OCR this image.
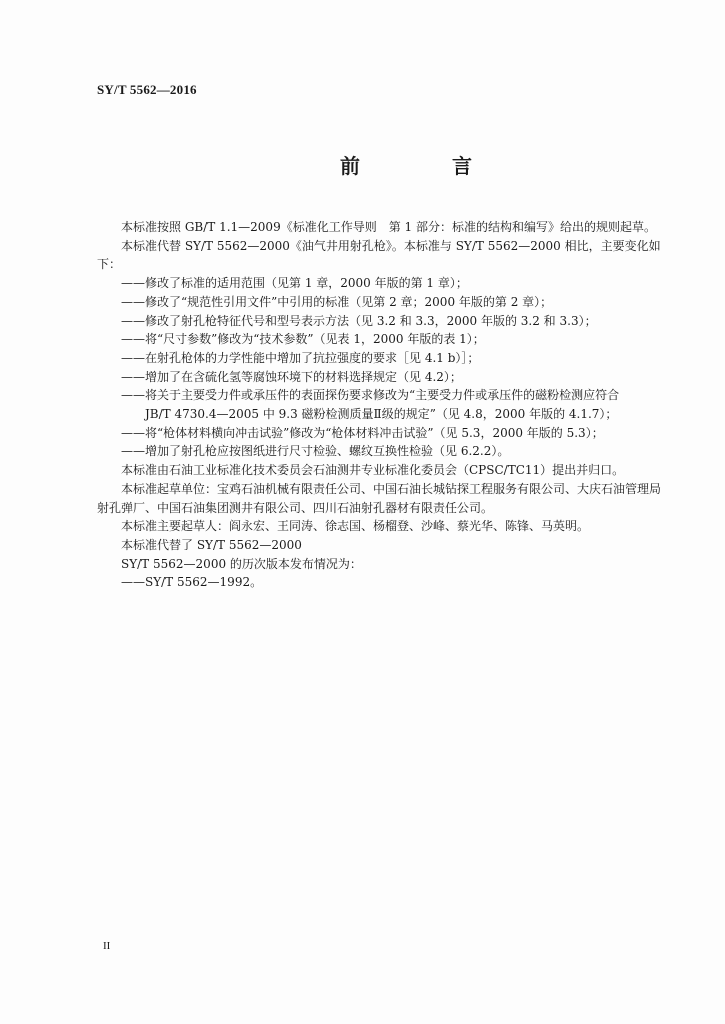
SY/T 5562—2016
前　言

本标准按照 GB/T 1.1—2009《标准化工作导则　第 1 部分：标准的结构和编写》给出的规则起草。

本标准代替 SY/T 5562—2000《油气井用射孔枪》。本标准与 SY/T 5562—2000 相比，主要变化如下：

——修改了标准的适用范围（见第 1 章，2000 年版的第 1 章）；

——修改了“规范性引用文件”中引用的标准（见第 2 章；2000 年版的第 2 章）；

——修改了射孔枪特征代号和型号表示方法（见 3.2 和 3.3，2000 年版的 3.2 和 3.3）；

——将“尺寸参数”修改为“技术参数”（见表 1，2000 年版的表 1）；

——在射孔枪体的力学性能中增加了抗拉强度的要求［见 4.1 b）］；

——增加了在含硫化氢等腐蚀环境下的材料选择规定（见 4.2）；

——将关于主要受力件或承压件的表面探伤要求修改为“主要受力件或承压件的磁粉检测应符合
JB/T 4730.4—2005 中 9.3 磁粉检测质量Ⅱ级的规定”（见 4.8，2000 年版的 4.1.7）；

——将“枪体材料横向冲击试验”修改为“枪体材料冲击试验”（见 5.3，2000 年版的 5.3）；

——增加了射孔枪应按图纸进行尺寸检验、螺纹互换性检验（见 6.2.2）。

本标准由石油工业标准化技术委员会石油测井专业标准化委员会（CPSC/TC11）提出并归口。

本标准起草单位：宝鸡石油机械有限责任公司、中国石油长城钻探工程服务有限公司、大庆石油管理局射孔弹厂、中国石油集团测井有限公司、四川石油射孔器材有限责任公司。

本标准主要起草人：阎永宏、王同涛、徐志国、杨榴登、沙峰、蔡光华、陈锋、马英明。

本标准代替了 SY/T 5562—2000

SY/T 5562—2000 的历次版本发布情况为：

——SY/T 5562—1992。

II
